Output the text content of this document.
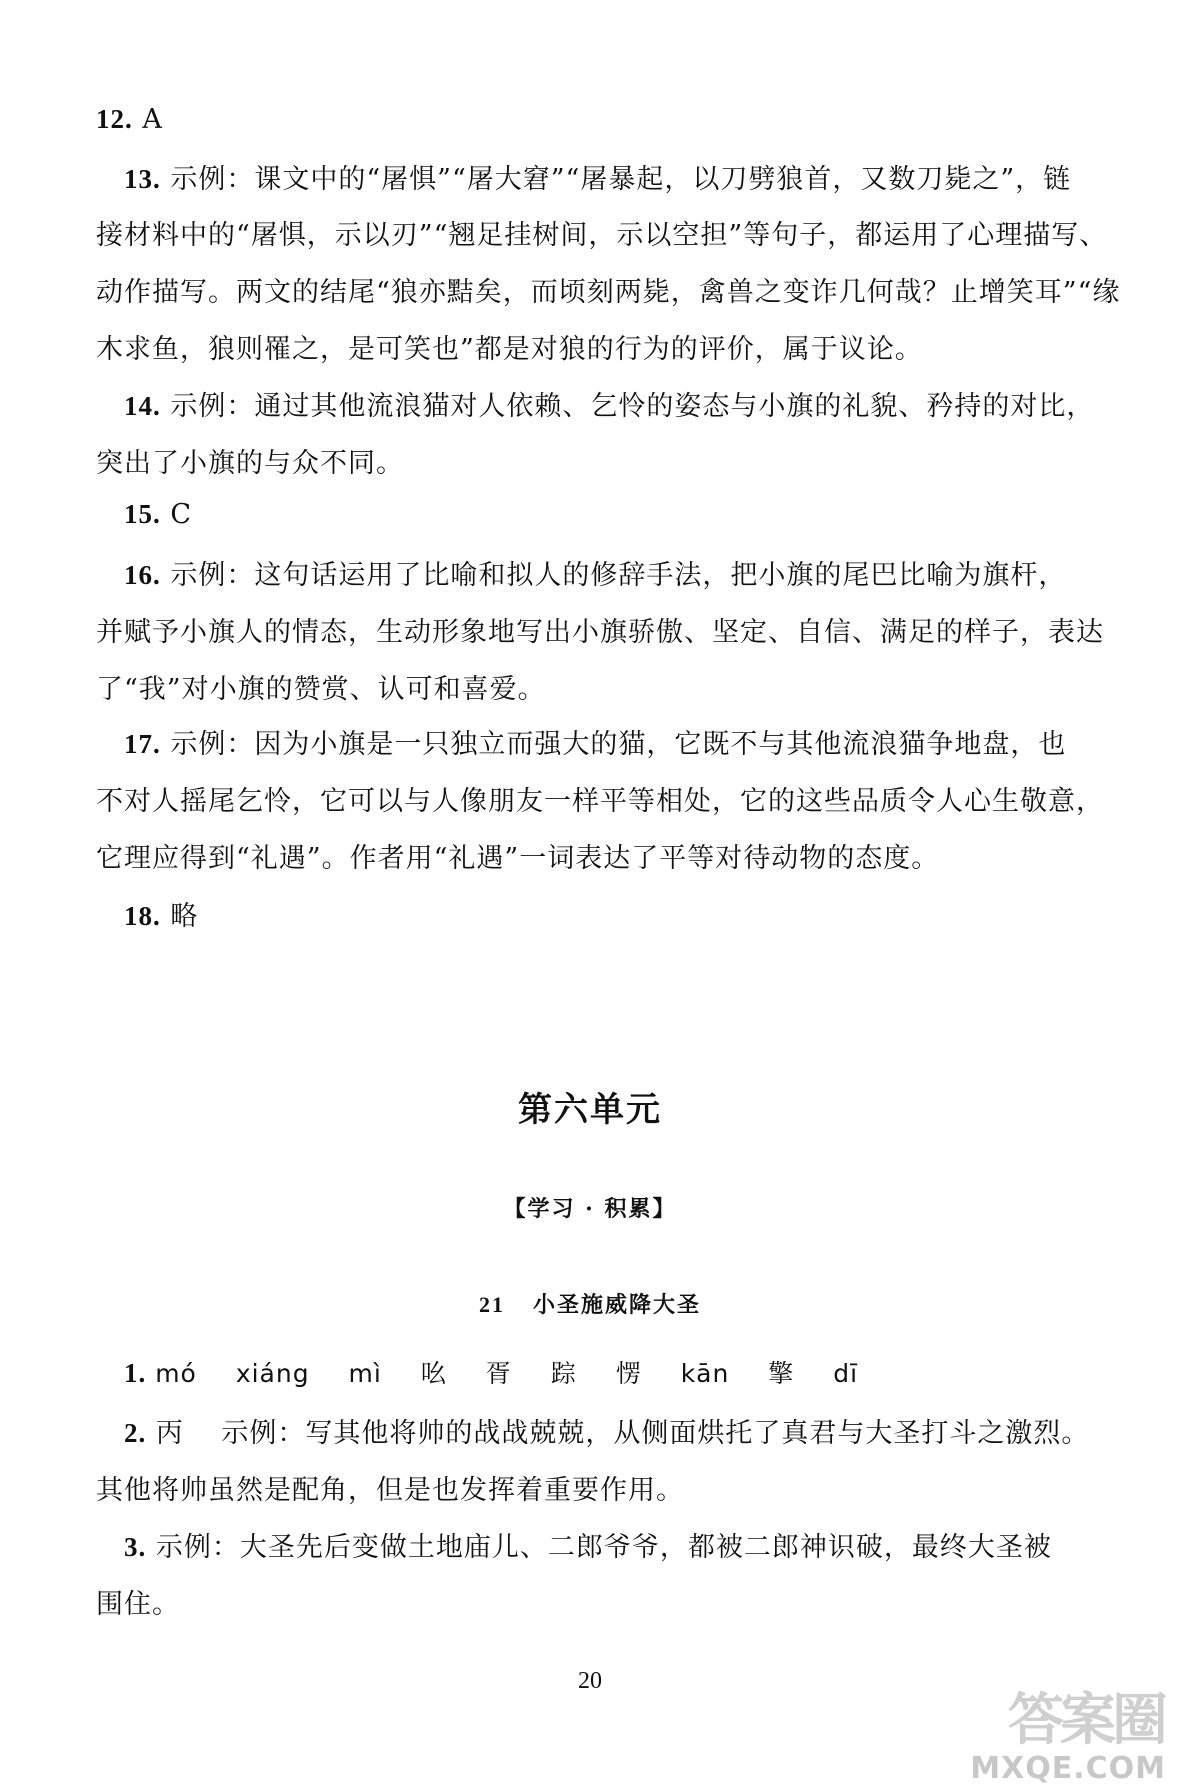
12. A
13. 示例：课文中的“屠惧”“屠大窘”“屠暴起，以刀劈狼首，又数刀毙之”，链
接材料中的“屠惧，示以刃”“翘足挂树间，示以空担”等句子，都运用了心理描写、
动作描写。两文的结尾“狼亦黠矣，而顷刻两毙，禽兽之变诈几何哉？止增笑耳”“缘
木求鱼，狼则罹之，是可笑也”都是对狼的行为的评价，属于议论。
14. 示例：通过其他流浪猫对人依赖、乞怜的姿态与小旗的礼貌、矜持的对比，
突出了小旗的与众不同。
15. C
16. 示例：这句话运用了比喻和拟人的修辞手法，把小旗的尾巴比喻为旗杆，
并赋予小旗人的情态，生动形象地写出小旗骄傲、坚定、自信、满足的样子，表达
了“我”对小旗的赞赏、认可和喜爱。
17. 示例：因为小旗是一只独立而强大的猫，它既不与其他流浪猫争地盘，也
不对人摇尾乞怜，它可以与人像朋友一样平等相处，它的这些品质令人心生敬意，
它理应得到“礼遇”。作者用“礼遇”一词表达了平等对待动物的态度。
18. 略
第六单元
【学习 · 积累】
21 小圣施威降大圣
1. mó xiáng mì 吆 胥 踪 愣 kān 擎 dī
2. 丙　 示例：写其他将帅的战战兢兢，从侧面烘托了真君与大圣打斗之激烈。
其他将帅虽然是配角，但是也发挥着重要作用。
3. 示例：大圣先后变做土地庙儿、二郎爷爷，都被二郎神识破，最终大圣被
围住。
20
答案圈
MXQE.COM
